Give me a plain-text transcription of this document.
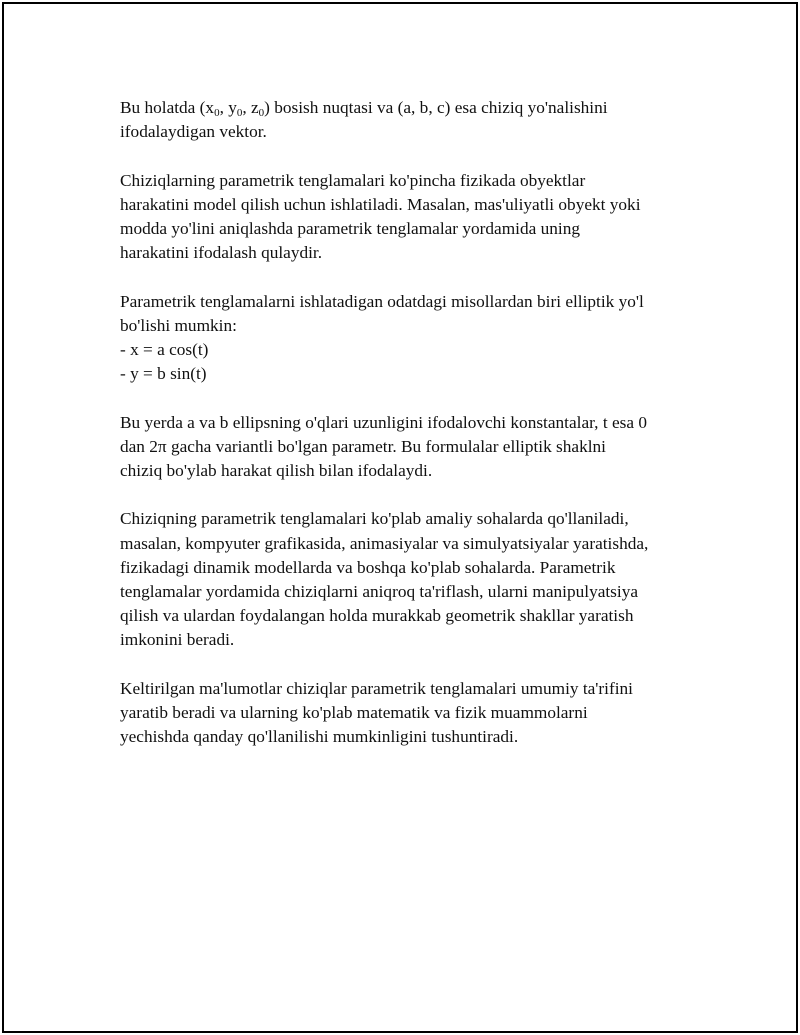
Bu holatda ($x_0$, $y_0$, $z_0$) bosish nuqtasi va (a, b, c) esa chiziq yo'nalishini
ifodalaydigan vektor.

Chiziqlarning parametrik tenglamalari ko'pincha fizikada obyektlar
harakatini model qilish uchun ishlatiladi. Masalan, mas'uliyatli obyekt yoki
modda yo'lini aniqlashda parametrik tenglamalar yordamida uning
harakatini ifodalash qulaydir.

Parametrik tenglamalarni ishlatadigan odatdagi misollardan biri elliptik yo'l
bo'lishi mumkin:
- x = a cos(t)
- y = b sin(t)

Bu yerda a va b ellipsning o'qlari uzunligini ifodalovchi konstantalar, t esa 0
dan 2π gacha variantli bo'lgan parametr. Bu formulalar elliptik shaklni
chiziq bo'ylab harakat qilish bilan ifodalaydi.

Chiziqning parametrik tenglamalari ko'plab amaliy sohalarda qo'llaniladi,
masalan, kompyuter grafikasida, animasiyalar va simulyatsiyalar yaratishda,
fizikadagi dinamik modellarda va boshqa ko'plab sohalarda. Parametrik
tenglamalar yordamida chiziqlarni aniqroq ta'riflash, ularni manipulyatsiya
qilish va ulardan foydalangan holda murakkab geometrik shakllar yaratish
imkonini beradi.

Keltirilgan ma'lumotlar chiziqlar parametrik tenglamalari umumiy ta'rifini
yaratib beradi va ularning ko'plab matematik va fizik muammolarni
yechishda qanday qo'llanilishi mumkinligini tushuntiradi.
